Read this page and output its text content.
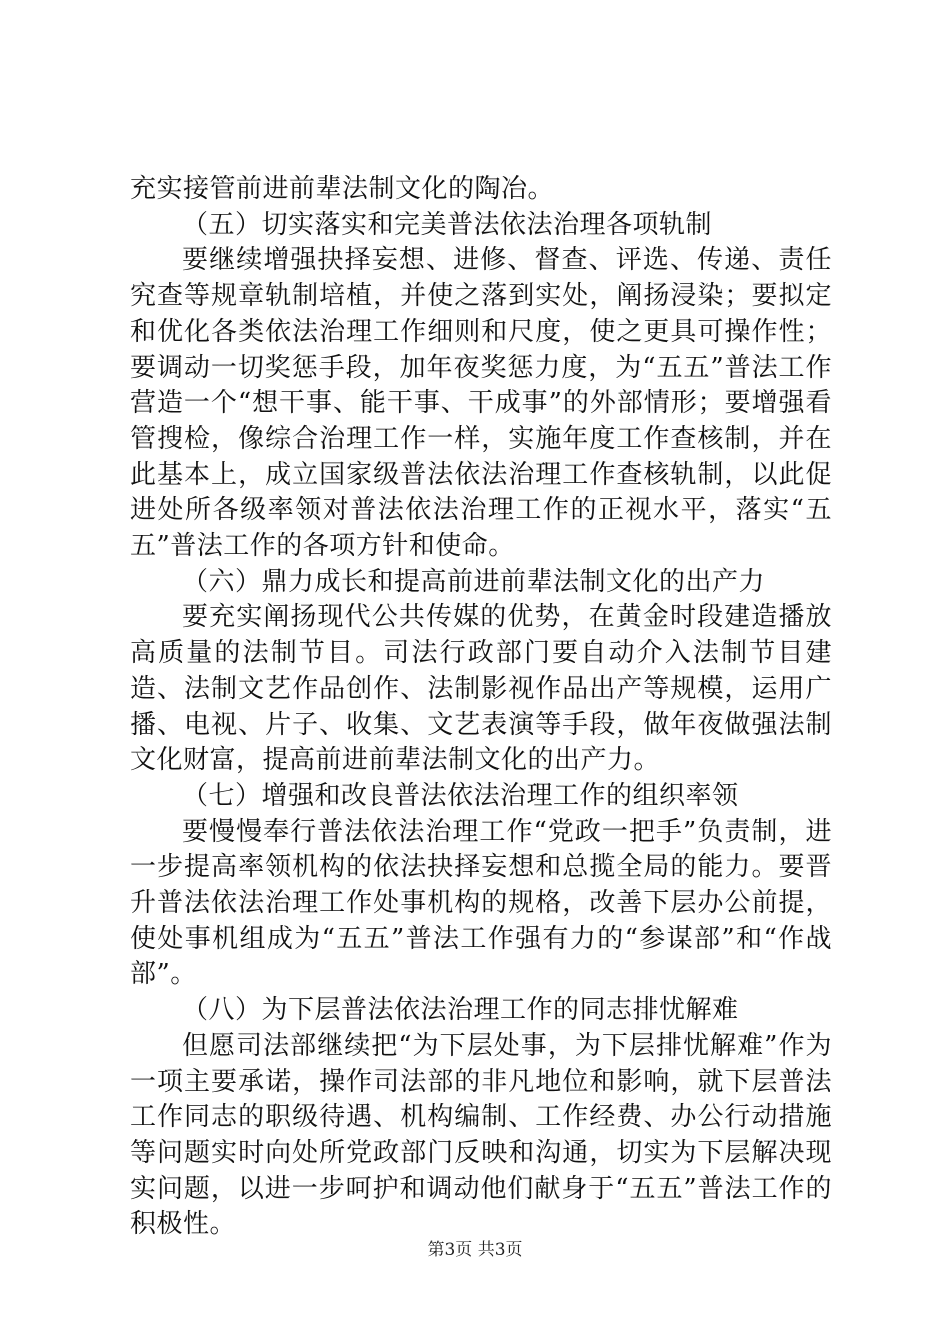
充实接管前进前辈法制文化的陶冶。

（五）切实落实和完美普法依法治理各项轨制

要继续增强抉择妄想、进修、督查、评选、传递、责任究查等规章轨制培植，并使之落到实处，阐扬浸染；要拟定和优化各类依法治理工作细则和尺度，使之更具可操作性；要调动一切奖惩手段，加年夜奖惩力度，为“五五”普法工作营造一个“想干事、能干事、干成事”的外部情形；要增强看管搜检，像综合治理工作一样，实施年度工作查核制，并在此基本上，成立国家级普法依法治理工作查核轨制，以此促进处所各级率领对普法依法治理工作的正视水平，落实“五五”普法工作的各项方针和使命。

（六）鼎力成长和提高前进前辈法制文化的出产力

要充实阐扬现代公共传媒的优势，在黄金时段建造播放高质量的法制节目。司法行政部门要自动介入法制节目建造、法制文艺作品创作、法制影视作品出产等规模，运用广播、电视、片子、收集、文艺表演等手段，做年夜做强法制文化财富，提高前进前辈法制文化的出产力。

（七）增强和改良普法依法治理工作的组织率领

要慢慢奉行普法依法治理工作“党政一把手”负责制，进一步提高率领机构的依法抉择妄想和总揽全局的能力。要晋升普法依法治理工作处事机构的规格，改善下层办公前提，使处事机组成为“五五”普法工作强有力的“参谋部”和“作战部”。

（八）为下层普法依法治理工作的同志排忧解难

但愿司法部继续把“为下层处事，为下层排忧解难”作为一项主要承诺，操作司法部的非凡地位和影响，就下层普法工作同志的职级待遇、机构编制、工作经费、办公行动措施等问题实时向处所党政部门反映和沟通，切实为下层解决现实问题，以进一步呵护和调动他们献身于“五五”普法工作的积极性。

第3页 共3页
